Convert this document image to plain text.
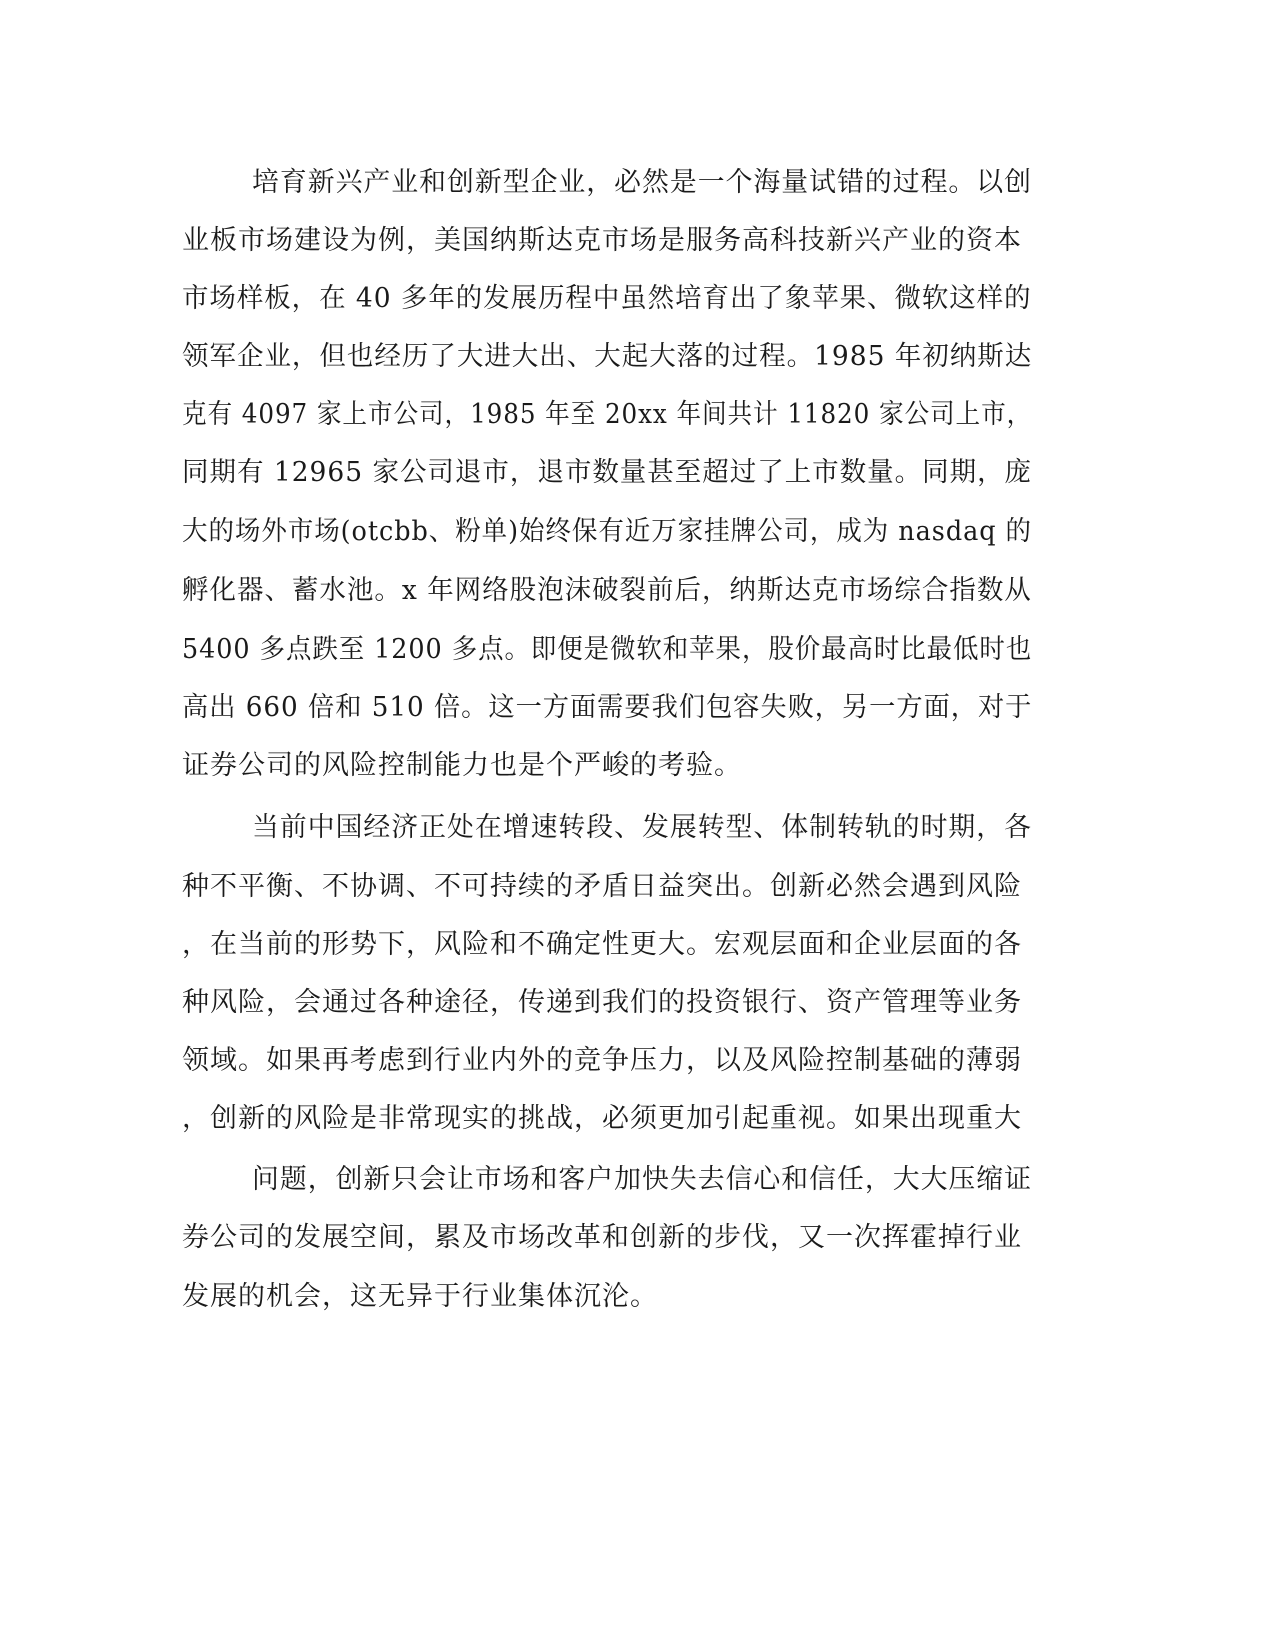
培育新兴产业和创新型企业，必然是一个海量试错的过程。以创
业板市场建设为例，美国纳斯达克市场是服务高科技新兴产业的资本
市场样板，在 40 多年的发展历程中虽然培育出了象苹果、微软这样的
领军企业，但也经历了大进大出、大起大落的过程。1985 年初纳斯达
克有 4097 家上市公司，1985 年至 20xx 年间共计 11820 家公司上市，
同期有 12965 家公司退市，退市数量甚至超过了上市数量。同期，庞
大的场外市场(otcbb、粉单)始终保有近万家挂牌公司，成为 nasdaq 的
孵化器、蓄水池。x 年网络股泡沫破裂前后，纳斯达克市场综合指数从
5400 多点跌至 1200 多点。即便是微软和苹果，股价最高时比最低时也
高出 660 倍和 510 倍。这一方面需要我们包容失败，另一方面，对于
证券公司的风险控制能力也是个严峻的考验。
当前中国经济正处在增速转段、发展转型、体制转轨的时期，各
种不平衡、不协调、不可持续的矛盾日益突出。创新必然会遇到风险
，在当前的形势下，风险和不确定性更大。宏观层面和企业层面的各
种风险，会通过各种途径，传递到我们的投资银行、资产管理等业务
领域。如果再考虑到行业内外的竞争压力，以及风险控制基础的薄弱
，创新的风险是非常现实的挑战，必须更加引起重视。如果出现重大
问题，创新只会让市场和客户加快失去信心和信任，大大压缩证
券公司的发展空间，累及市场改革和创新的步伐，又一次挥霍掉行业
发展的机会，这无异于行业集体沉沦。
